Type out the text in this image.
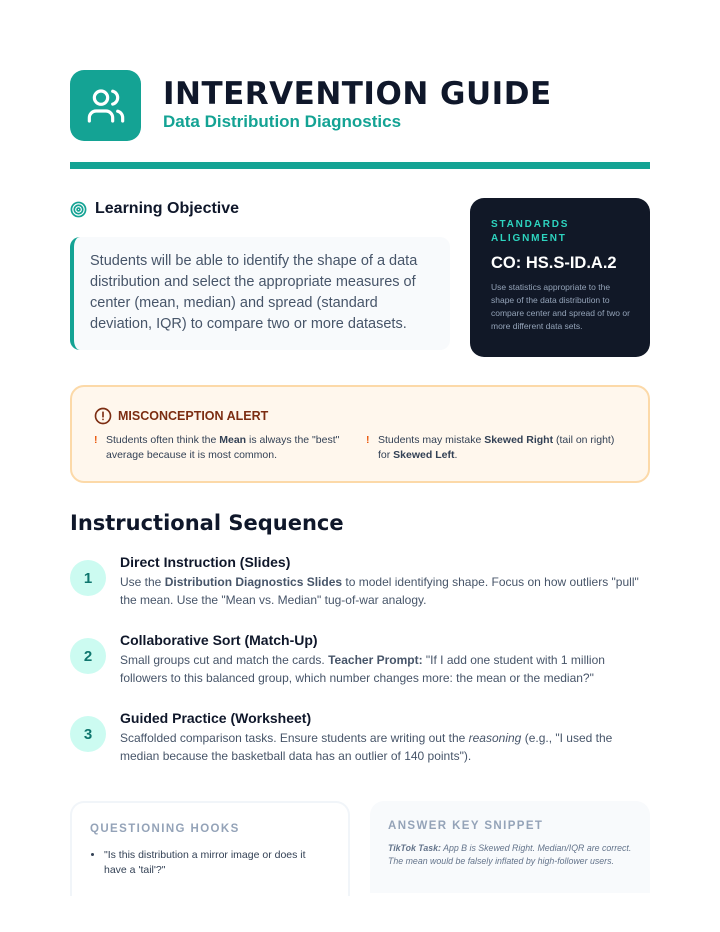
INTERVENTION GUIDE
Data Distribution Diagnostics
Learning Objective
Students will be able to identify the shape of a data distribution and select the appropriate measures of center (mean, median) and spread (standard deviation, IQR) to compare two or more datasets.
STANDARDS ALIGNMENT
CO: HS.S-ID.A.2
Use statistics appropriate to the shape of the data distribution to compare center and spread of two or more different data sets.
MISCONCEPTION ALERT
! Students often think the Mean is always the "best" average because it is most common.
! Students may mistake Skewed Right (tail on right) for Skewed Left.
Instructional Sequence
1
Direct Instruction (Slides)
Use the Distribution Diagnostics Slides to model identifying shape. Focus on how outliers "pull" the mean. Use the "Mean vs. Median" tug-of-war analogy.
2
Collaborative Sort (Match-Up)
Small groups cut and match the cards. Teacher Prompt: "If I add one student with 1 million followers to this balanced group, which number changes more: the mean or the median?"
3
Guided Practice (Worksheet)
Scaffolded comparison tasks. Ensure students are writing out the reasoning (e.g., "I used the median because the basketball data has an outlier of 140 points").
QUESTIONING HOOKS
• "Is this distribution a mirror image or does it have a 'tail'?"
ANSWER KEY SNIPPET
TikTok Task: App B is Skewed Right. Median/IQR are correct. The mean would be falsely inflated by high-follower users.
